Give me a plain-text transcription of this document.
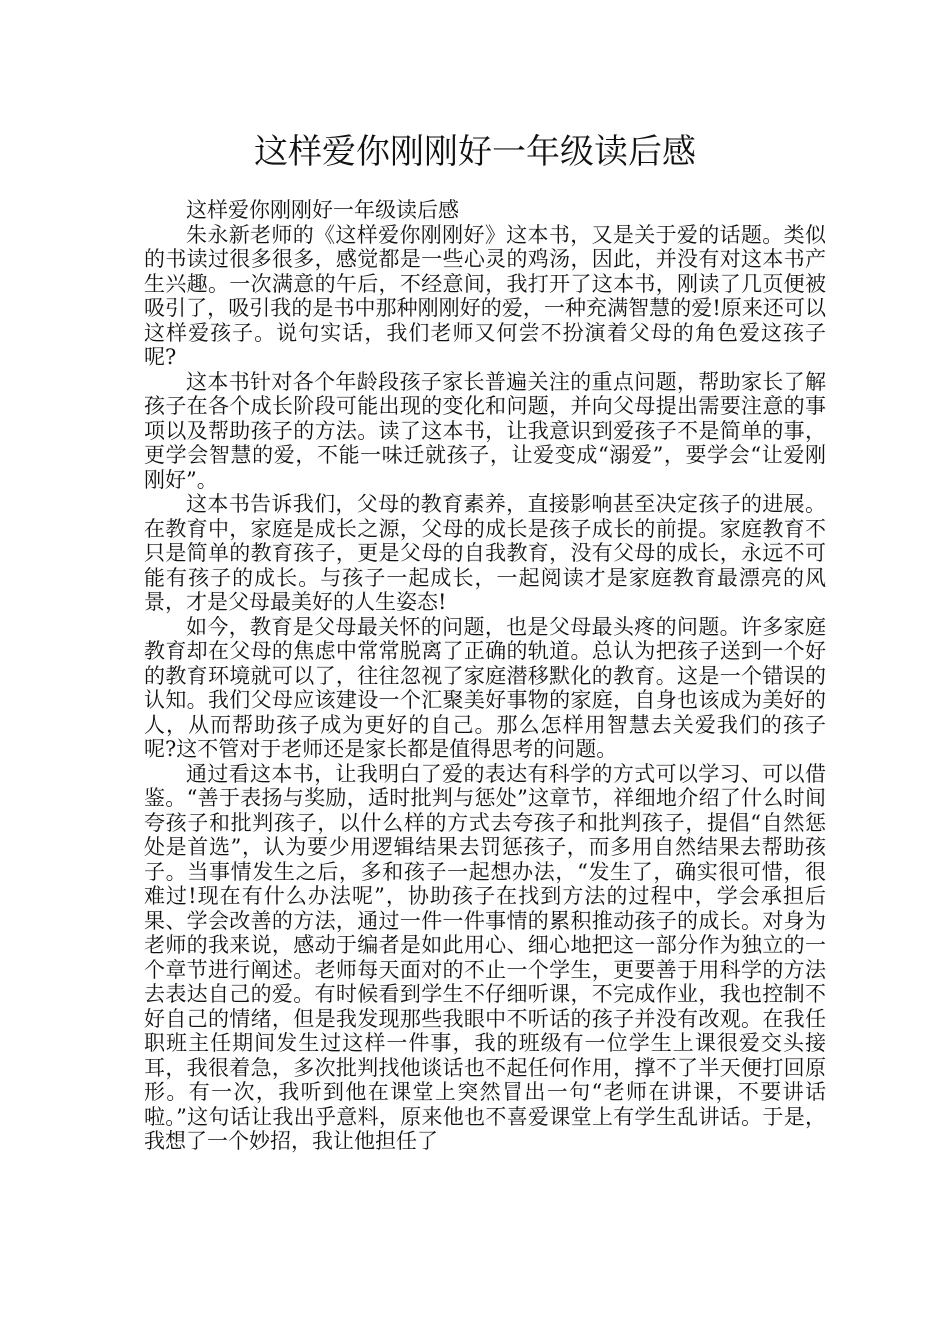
这样爱你刚刚好一年级读后感

这样爱你刚刚好一年级读后感

朱永新老师的《这样爱你刚刚好》这本书，又是关于爱的话题。类似的书读过很多很多，感觉都是一些心灵的鸡汤，因此，并没有对这本书产生兴趣。一次满意的午后，不经意间，我打开了这本书，刚读了几页便被吸引了，吸引我的是书中那种刚刚好的爱，一种充满智慧的爱!原来还可以这样爱孩子。说句实话，我们老师又何尝不扮演着父母的角色爱这孩子呢?

这本书针对各个年龄段孩子家长普遍关注的重点问题，帮助家长了解孩子在各个成长阶段可能出现的变化和问题，并向父母提出需要注意的事项以及帮助孩子的方法。读了这本书，让我意识到爱孩子不是简单的事，更学会智慧的爱，不能一味迁就孩子，让爱变成“溺爱”，要学会“让爱刚刚好”。

这本书告诉我们，父母的教育素养，直接影响甚至决定孩子的进展。在教育中，家庭是成长之源，父母的成长是孩子成长的前提。家庭教育不只是简单的教育孩子，更是父母的自我教育，没有父母的成长，永远不可能有孩子的成长。与孩子一起成长，一起阅读才是家庭教育最漂亮的风景，才是父母最美好的人生姿态!

如今，教育是父母最关怀的问题，也是父母最头疼的问题。许多家庭教育却在父母的焦虑中常常脱离了正确的轨道。总认为把孩子送到一个好的教育环境就可以了，往往忽视了家庭潜移默化的教育。这是一个错误的认知。我们父母应该建设一个汇聚美好事物的家庭，自身也该成为美好的人，从而帮助孩子成为更好的自己。那么怎样用智慧去关爱我们的孩子呢?这不管对于老师还是家长都是值得思考的问题。

通过看这本书，让我明白了爱的表达有科学的方式可以学习、可以借鉴。“善于表扬与奖励，适时批判与惩处”这章节，祥细地介绍了什么时间夸孩子和批判孩子，以什么样的方式去夸孩子和批判孩子，提倡“自然惩处是首选”，认为要少用逻辑结果去罚惩孩子，而多用自然结果去帮助孩子。当事情发生之后，多和孩子一起想办法，“发生了，确实很可惜，很难过!现在有什么办法呢”，协助孩子在找到方法的过程中，学会承担后果、学会改善的方法，通过一件一件事情的累积推动孩子的成长。对身为老师的我来说，感动于编者是如此用心、细心地把这一部分作为独立的一个章节进行阐述。老师每天面对的不止一个学生，更要善于用科学的方法去表达自己的爱。有时候看到学生不仔细听课，不完成作业，我也控制不好自己的情绪，但是我发现那些我眼中不听话的孩子并没有改观。在我任职班主任期间发生过这样一件事，我的班级有一位学生上课很爱交头接耳，我很着急，多次批判找他谈话也不起任何作用，撑不了半天便打回原形。有一次，我听到他在课堂上突然冒出一句“老师在讲课，不要讲话啦。”这句话让我出乎意料，原来他也不喜爱课堂上有学生乱讲话。于是，我想了一个妙招，我让他担任了
